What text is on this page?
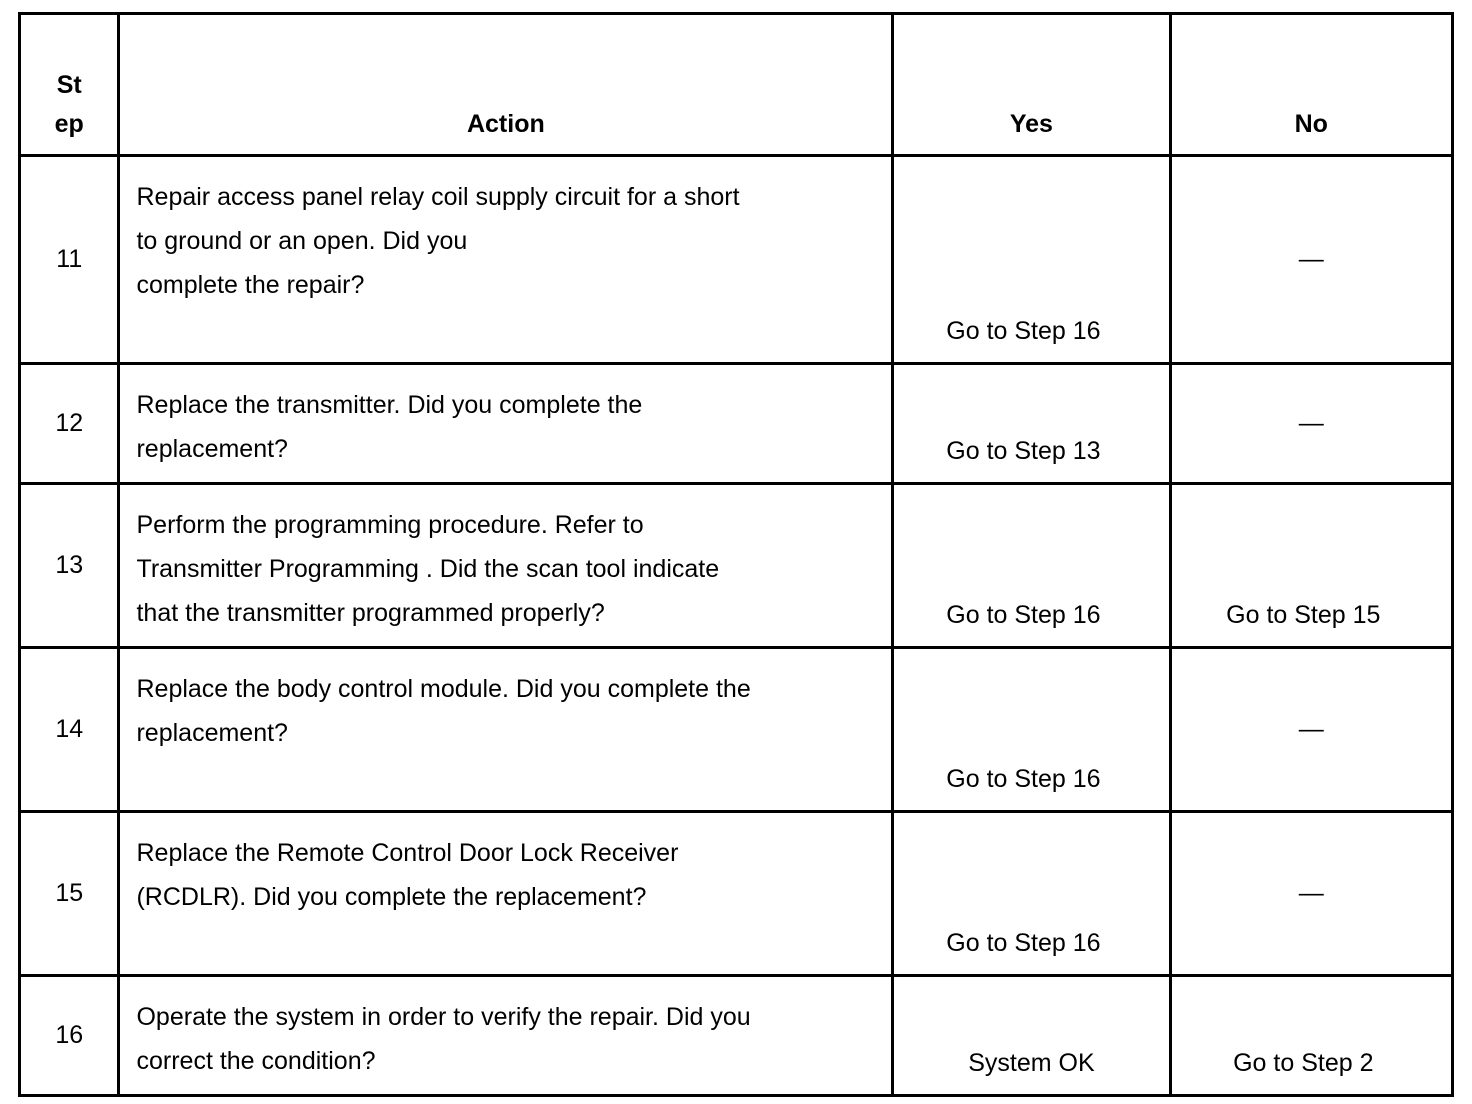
St
ep	Action	Yes	No
11	Repair access panel relay coil supply circuit for a short
to ground or an open. Did you
complete the repair?	Go to Step 16	—
12	Replace the transmitter. Did you complete the
replacement?	Go to Step 13	—
13	Perform the programming procedure. Refer to
Transmitter Programming . Did the scan tool indicate
that the transmitter programmed properly?	Go to Step 16	Go to Step 15
14	Replace the body control module. Did you complete the
replacement?	Go to Step 16	—
15	Replace the Remote Control Door Lock Receiver
(RCDLR). Did you complete the replacement?	Go to Step 16	—
16	Operate the system in order to verify the repair. Did you
correct the condition?	System OK	Go to Step 2
